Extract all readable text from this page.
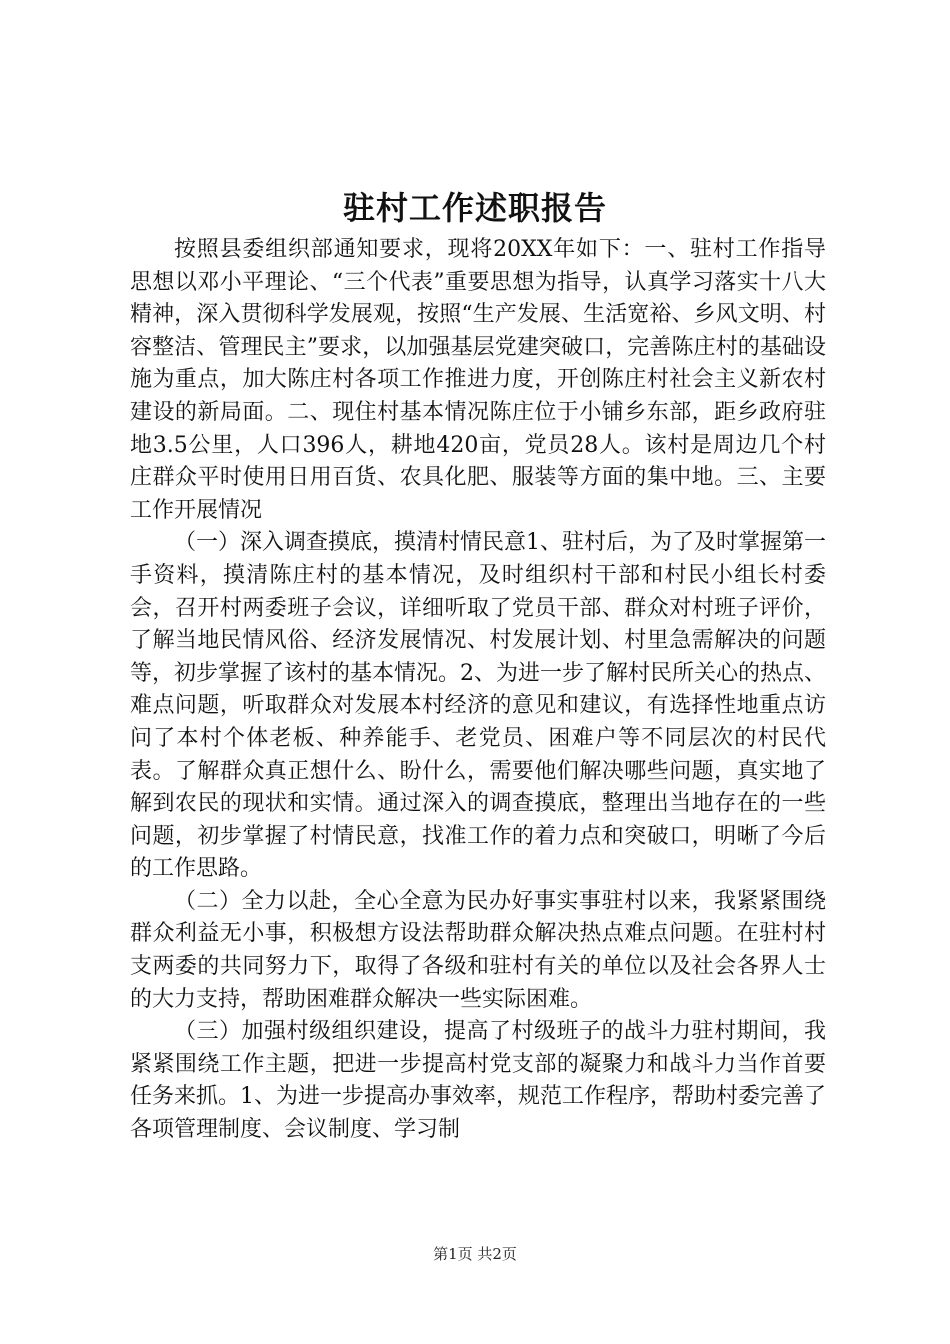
驻村工作述职报告

按照县委组织部通知要求，现将20XX年如下：一、驻村工作指导思想以邓小平理论、“三个代表”重要思想为指导，认真学习落实十八大精神，深入贯彻科学发展观，按照“生产发展、生活宽裕、乡风文明、村容整洁、管理民主”要求，以加强基层党建突破口，完善陈庄村的基础设施为重点，加大陈庄村各项工作推进力度，开创陈庄村社会主义新农村建设的新局面。二、现住村基本情况陈庄位于小铺乡东部，距乡政府驻地3.5公里，人口396人，耕地420亩，党员28人。该村是周边几个村庄群众平时使用日用百货、农具化肥、服装等方面的集中地。三、主要工作开展情况

（一）深入调查摸底，摸清村情民意1、驻村后，为了及时掌握第一手资料，摸清陈庄村的基本情况，及时组织村干部和村民小组长村委会，召开村两委班子会议，详细听取了党员干部、群众对村班子评价，了解当地民情风俗、经济发展情况、村发展计划、村里急需解决的问题等，初步掌握了该村的基本情况。2、为进一步了解村民所关心的热点、难点问题，听取群众对发展本村经济的意见和建议，有选择性地重点访问了本村个体老板、种养能手、老党员、困难户等不同层次的村民代表。了解群众真正想什么、盼什么，需要他们解决哪些问题，真实地了解到农民的现状和实情。通过深入的调查摸底，整理出当地存在的一些问题，初步掌握了村情民意，找准工作的着力点和突破口，明晰了今后的工作思路。

（二）全力以赴，全心全意为民办好事实事驻村以来，我紧紧围绕群众利益无小事，积极想方设法帮助群众解决热点难点问题。在驻村村支两委的共同努力下，取得了各级和驻村有关的单位以及社会各界人士的大力支持，帮助困难群众解决一些实际困难。

（三）加强村级组织建设，提高了村级班子的战斗力驻村期间，我紧紧围绕工作主题，把进一步提高村党支部的凝聚力和战斗力当作首要任务来抓。1、为进一步提高办事效率，规范工作程序，帮助村委完善了各项管理制度、会议制度、学习制

第1页 共2页
